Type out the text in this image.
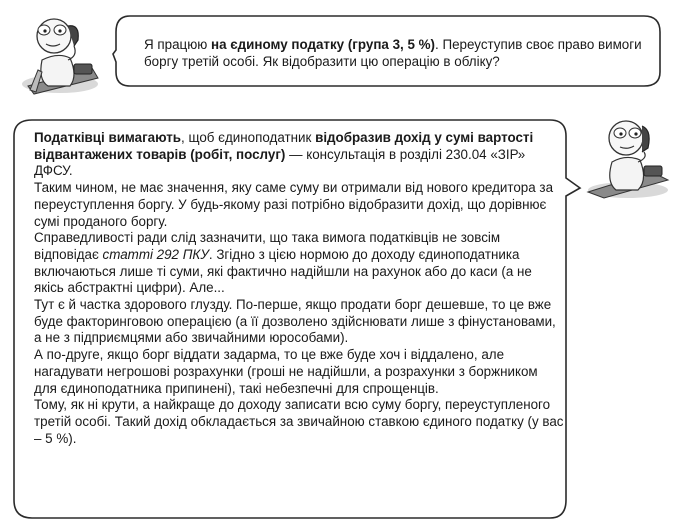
Я працюю на єдиному податку (група 3, 5 %). Переуступив своє право вимоги боргу третій особі. Як відобразити цю операцію в обліку?

Податківці вимагають, щоб єдиноподатник відобразив дохід у сумі вартості відвантажених товарів (робіт, послуг) — консультація в розділі 230.04 «ЗІР» ДФСУ.

Таким чином, не має значення, яку саме суму ви отримали від нового кредитора за переуступлення боргу. У будь-якому разі потрібно відобразити дохід, що дорівнює сумі проданого боргу.

Справедливості ради слід зазначити, що така вимога податківців не зовсім відповідає статті 292 ПКУ. Згідно з цією нормою до доходу єдиноподатника включаються лише ті суми, які фактично надійшли на рахунок або до каси (а не якісь абстрактні цифри). Але...

Тут є й частка здорового глузду. По-перше, якщо продати борг дешевше, то це вже буде факторинговою операцією (а її дозволено здійснювати лише з фінустановами, а не з підприємцями або звичайними юрособами).

А по-друге, якщо борг віддати задарма, то це вже буде хоч і віддалено, але нагадувати негрошові розрахунки (гроші не надійшли, а розрахунки з боржником для єдиноподатника припинені), такі небезпечні для спрощенців.

Тому, як ні крути, а найкраще до доходу записати всю суму боргу, переуступленого третій особі. Такий дохід обкладається за звичайною ставкою єдиного податку (у вас – 5 %).
